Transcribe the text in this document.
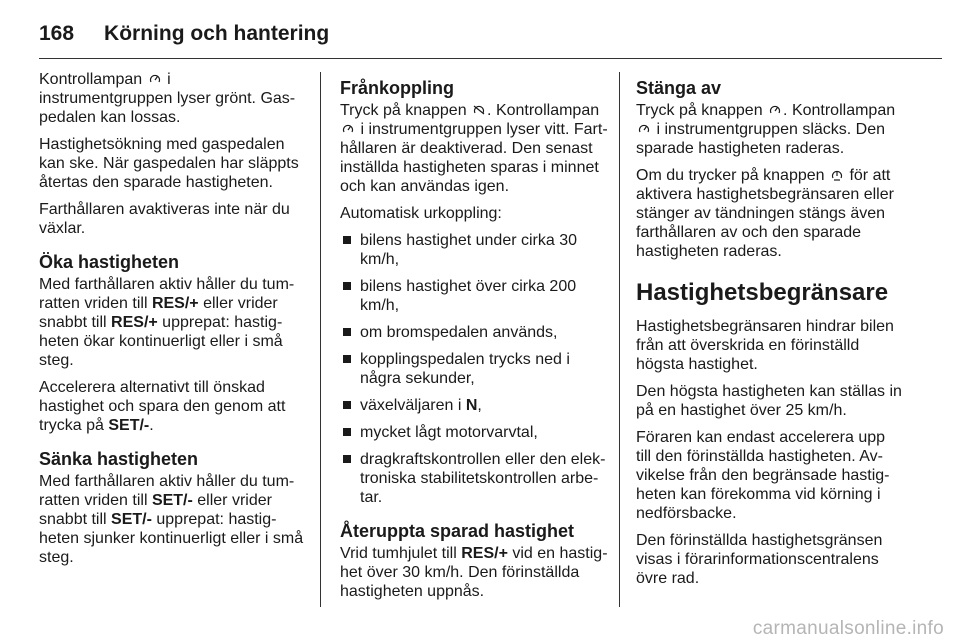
168 Körning och hantering

Kontrollampan  i instrumentgruppen lyser grönt. Gaspedalen kan lossas.

Hastighetsökning med gaspedalen kan ske. När gaspedalen har släppts återtas den sparade hastigheten.

Farthållaren avaktiveras inte när du växlar.

Öka hastigheten

Med farthållaren aktiv håller du tumratten vriden till RES/+ eller vrider snabbt till RES/+ upprepat: hastigheten ökar kontinuerligt eller i små steg.

Accelerera alternativt till önskad hastighet och spara den genom att trycka på SET/-.

Sänka hastigheten

Med farthållaren aktiv håller du tumratten vriden till SET/- eller vrider snabbt till SET/- upprepat: hastigheten sjunker kontinuerligt eller i små steg.

Frånkoppling

Tryck på knappen . Kontrollampan  i instrumentgruppen lyser vitt. Farthållaren är deaktiverad. Den senast inställda hastigheten sparas i minnet och kan användas igen.

Automatisk urkoppling:

bilens hastighet under cirka 30 km/h,
bilens hastighet över cirka 200 km/h,
om bromspedalen används,
kopplingspedalen trycks ned i några sekunder,
växelväljaren i N,
mycket lågt motorvarvtal,
dragkraftskontrollen eller den elektroniska stabilitetskontrollen arbetar.
Återuppta sparad hastighet

Vrid tumhjulet till RES/+ vid en hastighet över 30 km/h. Den förinställda hastigheten uppnås.

Stänga av

Tryck på knappen . Kontrollampan  i instrumentgruppen släcks. Den sparade hastigheten raderas.

Om du trycker på knappen  för att aktivera hastighetsbegränsaren eller stänger av tändningen stängs även farthållaren av och den sparade hastigheten raderas.

Hastighetsbegränsare

Hastighetsbegränsaren hindrar bilen från att överskrida en förinställd högsta hastighet.

Den högsta hastigheten kan ställas in på en hastighet över 25 km/h.

Föraren kan endast accelerera upp till den förinställda hastigheten. Avvikelse från den begränsade hastigheten kan förekomma vid körning i nedförsbacke.

Den förinställda hastighetsgränsen visas i förarinformationscentralens övre rad.

carmanualsonline.info
